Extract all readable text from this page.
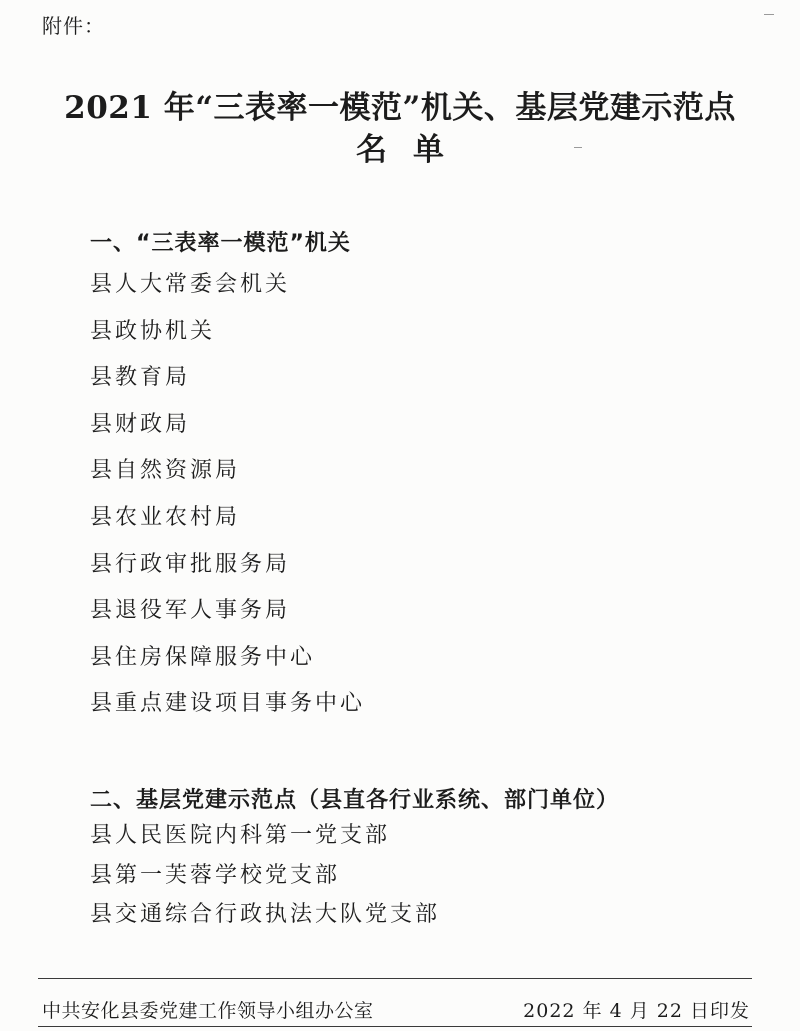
附件：
2021 年“三表率一模范”机关、基层党建示范点
名单
一、“三表率一模范”机关
县人大常委会机关
县政协机关
县教育局
县财政局
县自然资源局
县农业农村局
县行政审批服务局
县退役军人事务局
县住房保障服务中心
县重点建设项目事务中心
二、基层党建示范点（县直各行业系统、部门单位）
县人民医院内科第一党支部
县第一芙蓉学校党支部
县交通综合行政执法大队党支部
中共安化县委党建工作领导小组办公室	2022 年 4 月 22 日印发
